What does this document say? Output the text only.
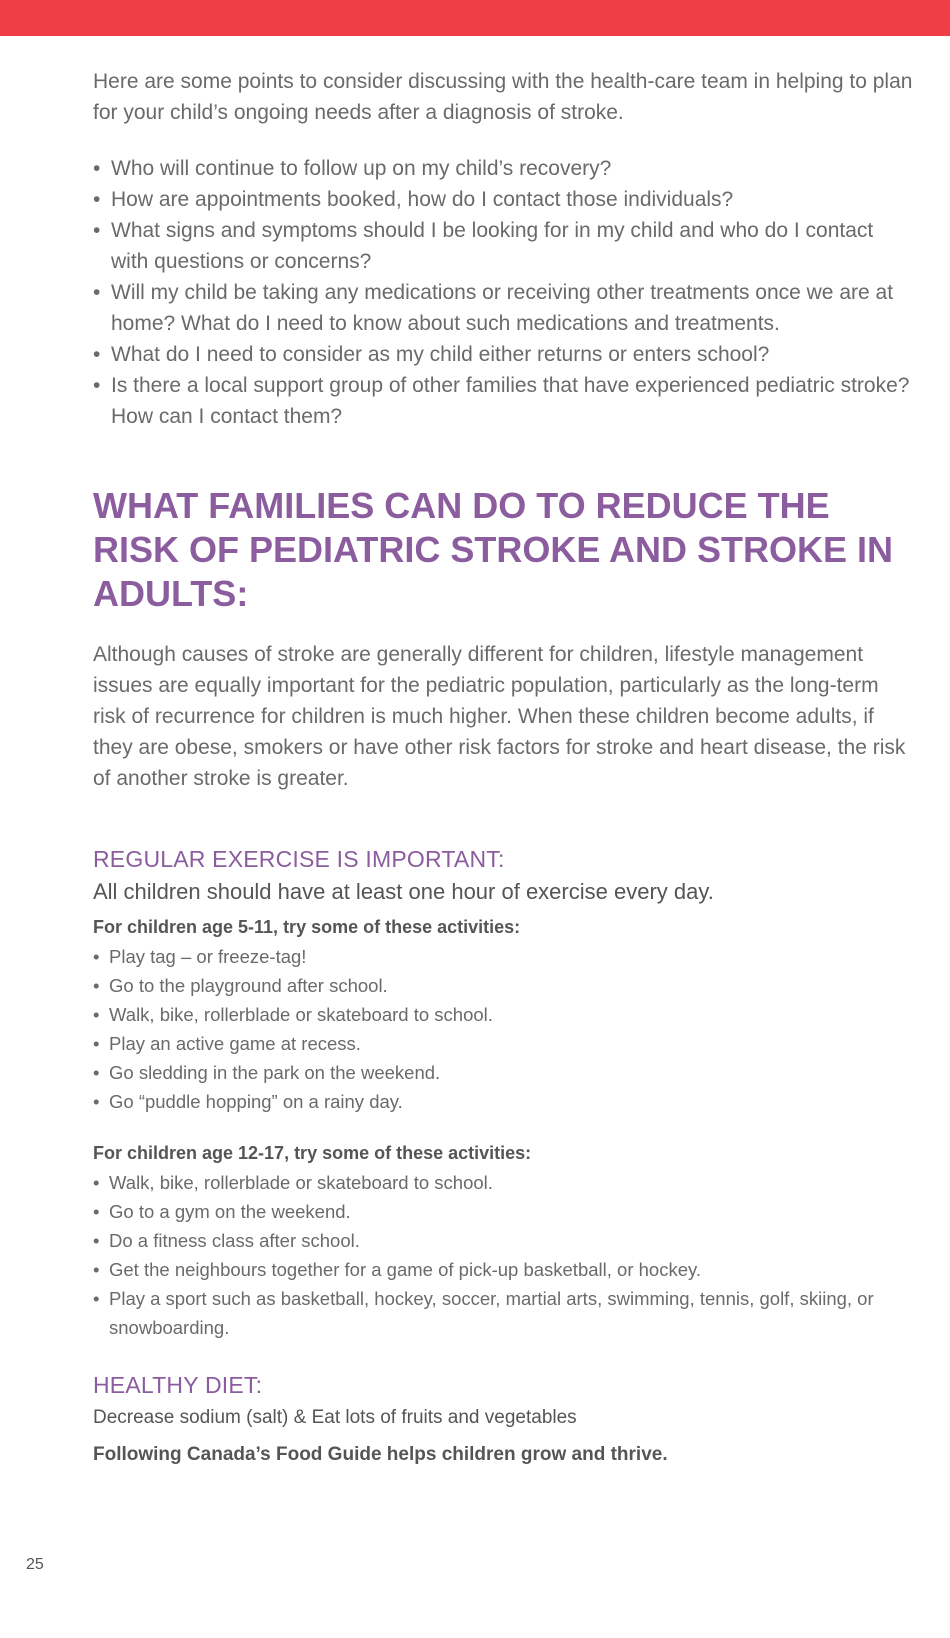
Here are some points to consider discussing with the health-care team in helping to plan for your child’s ongoing needs after a diagnosis of stroke.

• Who will continue to follow up on my child’s recovery?
• How are appointments booked, how do I contact those individuals?
• What signs and symptoms should I be looking for in my child and who do I contact with questions or concerns?
• Will my child be taking any medications or receiving other treatments once we are at home? What do I need to know about such medications and treatments.
• What do I need to consider as my child either returns or enters school?
• Is there a local support group of other families that have experienced pediatric stroke? How can I contact them?
WHAT FAMILIES CAN DO TO REDUCE THE RISK OF PEDIATRIC STROKE AND STROKE IN ADULTS:

Although causes of stroke are generally different for children, lifestyle management issues are equally important for the pediatric population, particularly as the long-term risk of recurrence for children is much higher. When these children become adults, if they are obese, smokers or have other risk factors for stroke and heart disease, the risk of another stroke is greater.

REGULAR EXERCISE IS IMPORTANT:

All children should have at least one hour of exercise every day.

For children age 5-11, try some of these activities:

• Play tag – or freeze-tag!
• Go to the playground after school.
• Walk, bike, rollerblade or skateboard to school.
• Play an active game at recess.
• Go sledding in the park on the weekend.
• Go “puddle hopping” on a rainy day.

For children age 12-17, try some of these activities:

• Walk, bike, rollerblade or skateboard to school.
• Go to a gym on the weekend.
• Do a fitness class after school.
• Get the neighbours together for a game of pick-up basketball, or hockey.
• Play a sport such as basketball, hockey, soccer, martial arts, swimming, tennis, golf, skiing, or snowboarding.
HEALTHY DIET:

Decrease sodium (salt) & Eat lots of fruits and vegetables

Following Canada’s Food Guide helps children grow and thrive.

25
